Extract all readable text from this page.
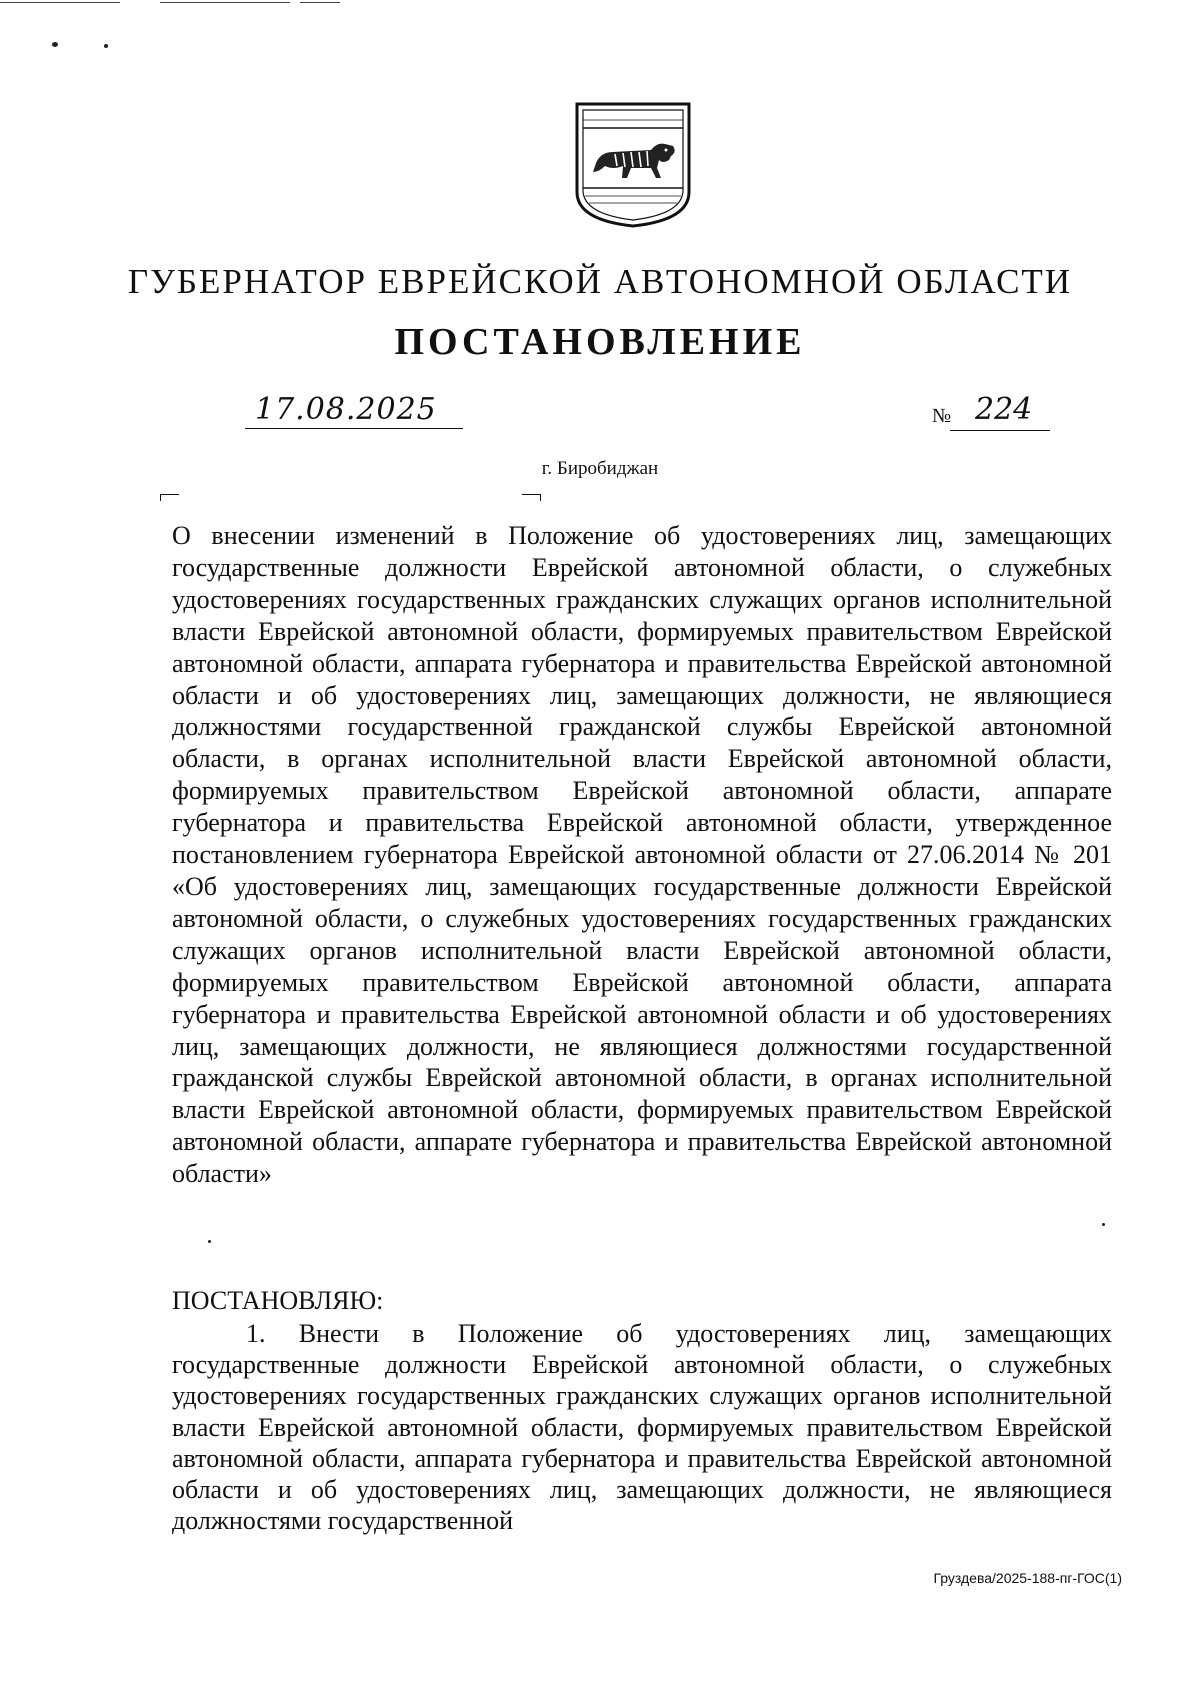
ГУБЕРНАТОР ЕВРЕЙСКОЙ АВТОНОМНОЙ ОБЛАСТИ
ПОСТАНОВЛЕНИЕ
17.08.2025	№ 224
г. Биробиджан
О внесении изменений в Положение об удостоверениях лиц, замещающих государственные должности Еврейской автономной области, о служебных удостоверениях государственных гражданских служащих органов исполнительной власти Еврейской автономной области, формируемых правительством Еврейской автономной области, аппарата губернатора и правительства Еврейской автономной области и об удостоверениях лиц, замещающих должности, не являющиеся должностями государственной гражданской службы Еврейской автономной области, в органах исполнительной власти Еврейской автономной области, формируемых правительством Еврейской автономной области, аппарате губернатора и правительства Еврейской автономной области, утвержденное постановлением губернатора Еврейской автономной области от 27.06.2014 № 201 «Об удостоверениях лиц, замещающих государственные должности Еврейской автономной области, о служебных удостоверениях государственных гражданских служащих органов исполнительной власти Еврейской автономной области, формируемых правительством Еврейской автономной области, аппарата губернатора и правительства Еврейской автономной области и об удостоверениях лиц, замещающих должности, не являющиеся должностями государственной гражданской службы Еврейской автономной области, в органах исполнительной власти Еврейской автономной области, формируемых правительством Еврейской автономной области, аппарате губернатора и правительства Еврейской автономной области»
ПОСТАНОВЛЯЮ:
1. Внести в Положение об удостоверениях лиц, замещающих государственные должности Еврейской автономной области, о служебных удостоверениях государственных гражданских служащих органов исполнительной власти Еврейской автономной области, формируемых правительством Еврейской автономной области, аппарата губернатора и правительства Еврейской автономной области и об удостоверениях лиц, замещающих должности, не являющиеся должностями государственной
Груздева/2025-188-пг-ГОС(1)
